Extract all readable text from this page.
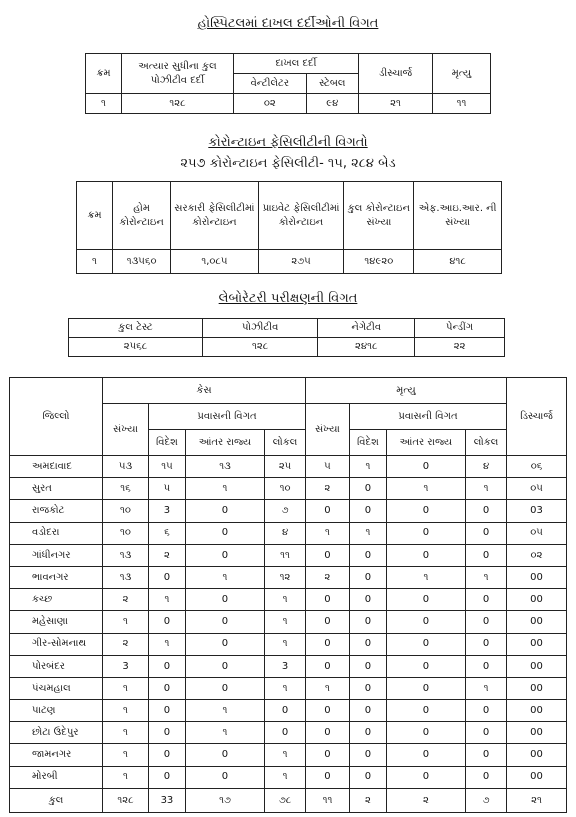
હોસ્પિટલમાં દાખલ દર્દીઓની વિગત
ક્રમ	અત્યાર સુધીના કુલ પોઝીટીવ દર્દી	દાખલ દર્દી		ડીસ્ચાર્જ	મૃત્યુ
		વેન્ટીલેટર	સ્ટેબલ		
૧	૧૨૮	૦૨	૯૪	૨૧	૧૧
કોરોન્ટાઇન ફેસિલીટીની વિગતો
૨૫૭ કોરોન્ટાઇન ફેસિલીટી- ૧૫, ૨૮૪ બેડ
ક્રમ	હોમ કોરોન્ટાઇન	સરકારી ફેસિલીટીમાં કોરોન્ટાઇન	પ્રાઇવેટ ફેસિલીટીમાં કોરોન્ટાઇન	કુલ કોરોન્ટાઇન સંખ્યા	એફ.આઇ.આર. ની સંખ્યા
૧	૧૩૫૬૦	૧,૦૮૫	૨૭૫	૧૪૯૨૦	૪૧૮
લેબોરેટરી પરીક્ષણની વિગત
કુલ ટેસ્ટ	પોઝીટીવ	નેગેટીવ	પેન્ડીંગ
૨૫૬૮	૧૨૮	૨૪૧૮	૨૨
જિલ્લો	કેસ				મૃત્યુ				ડિસ્ચાર્જ
	સંખ્યા	પ્રવાસની વિગત			સંખ્યા	પ્રવાસની વિગત			
		વિદેશ	આંતર રાજ્ય	લોકલ		વિદેશ	આંતર રાજ્ય	લોકલ	
અમદાવાદ	૫૩	૧૫	૧૩	૨૫	૫	૧	0	૪	૦૬
સુરત	૧૬	૫	૧	૧૦	૨	0	૧	૧	૦૫
રાજકોટ	૧૦	3	0	૭	0	0	0	0	03
વડોદરા	૧૦	૬	0	૪	૧	૧	0	0	૦૫
ગાંધીનગર	૧૩	૨	0	૧૧	0	0	0	0	૦૨
ભાવનગર	૧૩	0	૧	૧૨	૨	0	૧	૧	00
કચ્છ	૨	૧	0	૧	0	0	0	0	00
મહેસાણા	૧	0	0	૧	0	0	0	0	00
ગીર-સોમનાથ	૨	૧	0	૧	0	0	0	0	00
પોરબંદર	3	0	0	3	0	0	0	0	00
પંચમહાલ	૧	0	0	૧	૧	0	0	૧	00
પાટણ	૧	0	૧	0	0	0	0	0	00
છોટા ઉદેપુર	૧	0	૧	0	0	0	0	0	00
જામનગર	૧	0	0	૧	0	0	0	0	00
મોરબી	૧	0	0	૧	0	0	0	0	00
કુલ	૧૨૮	33	૧૭	૭૮	૧૧	૨	૨	૭	૨૧
